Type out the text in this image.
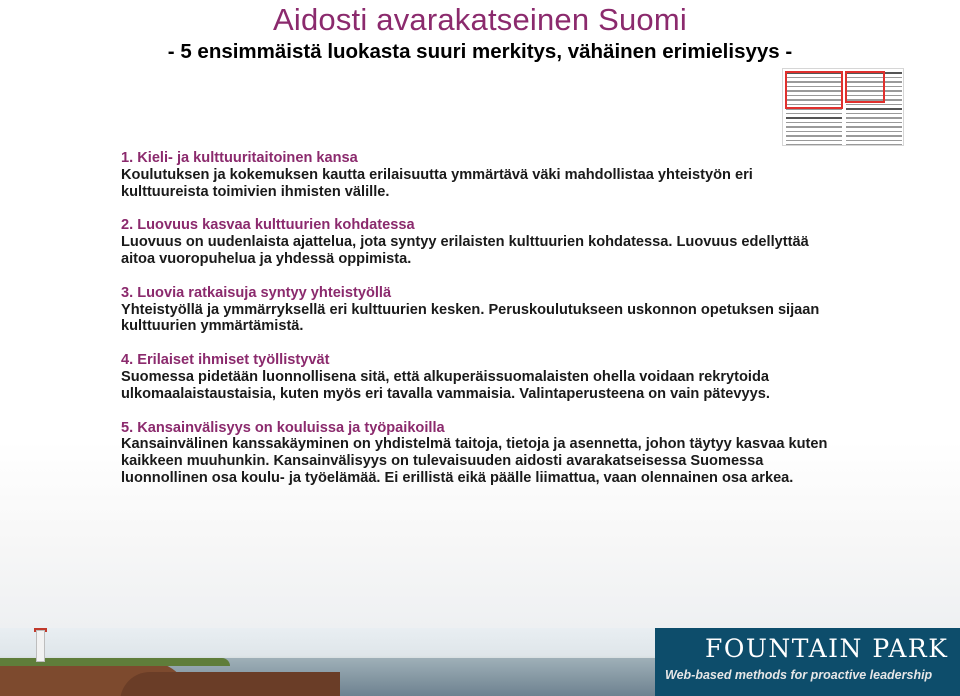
Aidosti avarakatseinen Suomi
- 5 ensimmäistä luokasta suuri merkitys, vähäinen erimielisyys -
1. Kieli- ja kulttuuritaitoinen kansa
Koulutuksen ja kokemuksen kautta erilaisuutta ymmärtävä väki mahdollistaa yhteistyön eri kulttuureista toimivien ihmisten välille.
2. Luovuus kasvaa kulttuurien kohdatessa
Luovuus on uudenlaista ajattelua, jota syntyy erilaisten kulttuurien kohdatessa. Luovuus edellyttää aitoa vuoropuhelua ja yhdessä oppimista.
3. Luovia ratkaisuja syntyy yhteistyöllä
Yhteistyöllä ja ymmärryksellä eri kulttuurien kesken. Peruskoulutukseen uskonnon opetuksen sijaan kulttuurien ymmärtämistä.
4. Erilaiset ihmiset työllistyvät
Suomessa pidetään luonnollisena sitä, että alkuperäissuomalaisten ohella voidaan rekrytoida ulkomaalaistaustaisia, kuten myös eri tavalla vammaisia. Valintaperusteena on vain pätevyys.
5. Kansainvälisyys on kouluissa ja työpaikoilla
Kansainvälinen kanssakäyminen on yhdistelmä taitoja, tietoja ja asennetta, johon täytyy kasvaa kuten kaikkeen muuhunkin. Kansainvälisyys on tulevaisuuden aidosti avarakatseisessa Suomessa luonnollinen osa koulu- ja työelämää. Ei erillistä eikä päälle liimattua, vaan olennainen osa arkea.
FOUNTAIN PARK
Web-based methods for proactive leadership
